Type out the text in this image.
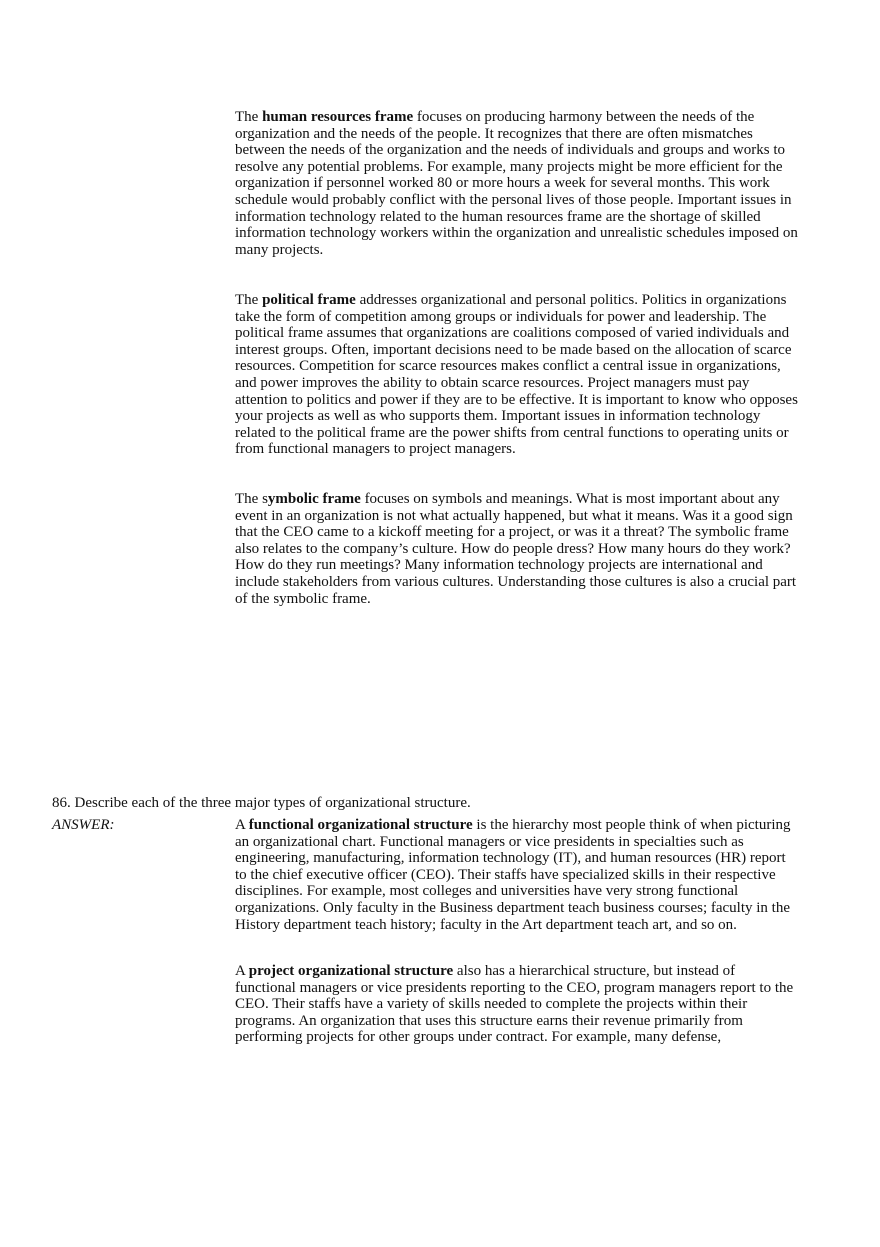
The human resources frame focuses on producing harmony between the needs of the
organization and the needs of the people. It recognizes that there are often mismatches
between the needs of the organization and the needs of individuals and groups and works to
resolve any potential problems. For example, many projects might be more efficient for the
organization if personnel worked 80 or more hours a week for several months. This work
schedule would probably conflict with the personal lives of those people. Important issues in
information technology related to the human resources frame are the shortage of skilled
information technology workers within the organization and unrealistic schedules imposed on
many projects.
The political frame addresses organizational and personal politics. Politics in organizations
take the form of competition among groups or individuals for power and leadership. The
political frame assumes that organizations are coalitions composed of varied individuals and
interest groups. Often, important decisions need to be made based on the allocation of scarce
resources. Competition for scarce resources makes conflict a central issue in organizations,
and power improves the ability to obtain scarce resources. Project managers must pay
attention to politics and power if they are to be effective. It is important to know who opposes
your projects as well as who supports them. Important issues in information technology
related to the political frame are the power shifts from central functions to operating units or
from functional managers to project managers.
The symbolic frame focuses on symbols and meanings. What is most important about any
event in an organization is not what actually happened, but what it means. Was it a good sign
that the CEO came to a kickoff meeting for a project, or was it a threat? The symbolic frame
also relates to the company’s culture. How do people dress? How many hours do they work?
How do they run meetings? Many information technology projects are international and
include stakeholders from various cultures. Understanding those cultures is also a crucial part
of the symbolic frame.
86. Describe each of the three major types of organizational structure.
ANSWER:	A functional organizational structure is the hierarchy most people think of when picturing
an organizational chart. Functional managers or vice presidents in specialties such as
engineering, manufacturing, information technology (IT), and human resources (HR) report
to the chief executive officer (CEO). Their staffs have specialized skills in their respective
disciplines. For example, most colleges and universities have very strong functional
organizations. Only faculty in the Business department teach business courses; faculty in the
History department teach history; faculty in the Art department teach art, and so on.
A project organizational structure also has a hierarchical structure, but instead of
functional managers or vice presidents reporting to the CEO, program managers report to the
CEO. Their staffs have a variety of skills needed to complete the projects within their
programs. An organization that uses this structure earns their revenue primarily from
performing projects for other groups under contract. For example, many defense,
